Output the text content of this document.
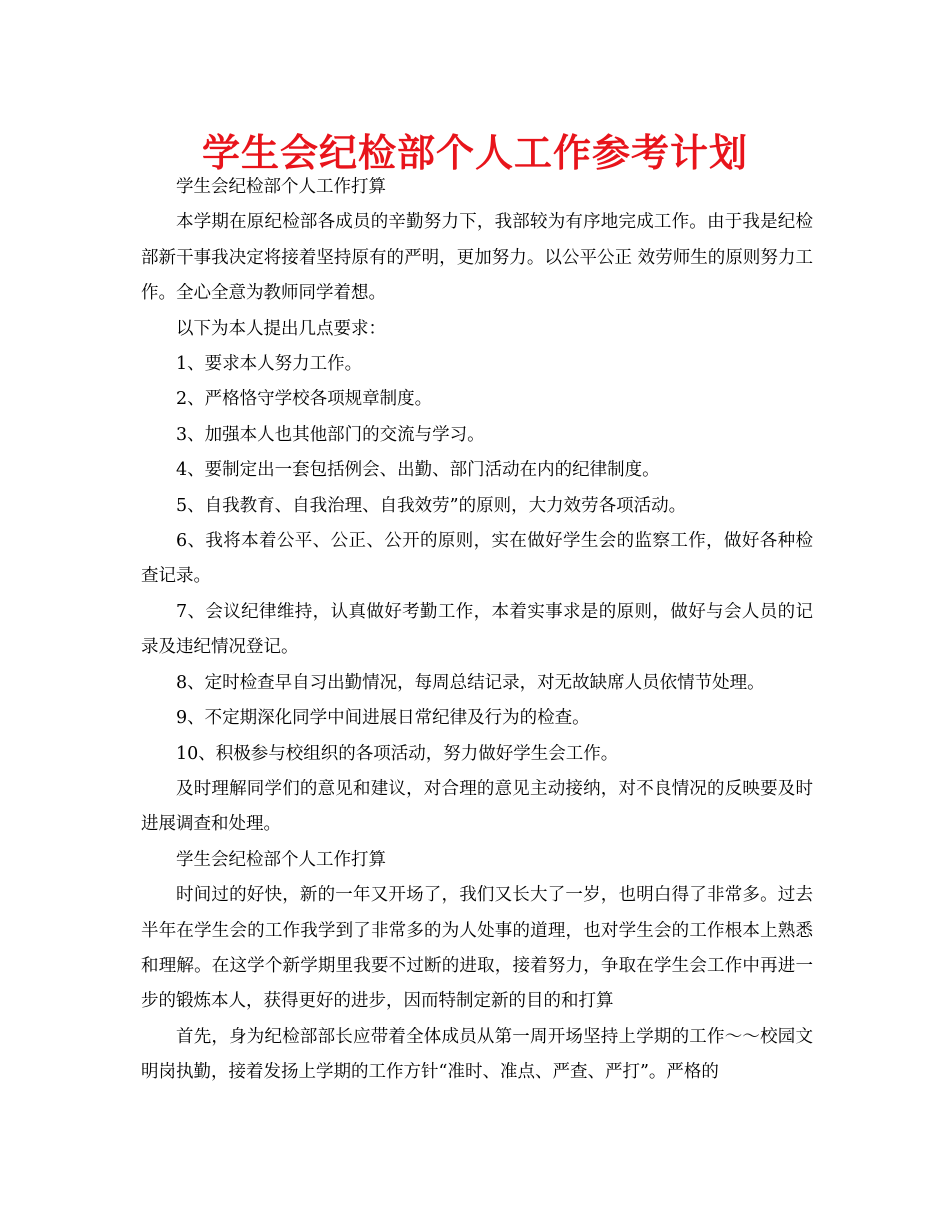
学生会纪检部个人工作参考计划

学生会纪检部个人工作打算

本学期在原纪检部各成员的辛勤努力下，我部较为有序地完成工作。由于我是纪检部新干事我决定将接着坚持原有的严明，更加努力。以公平公正 效劳师生的原则努力工作。全心全意为教师同学着想。

以下为本人提出几点要求：

1、要求本人努力工作。

2、严格恪守学校各项规章制度。

3、加强本人也其他部门的交流与学习。

4、要制定出一套包括例会、出勤、部门活动在内的纪律制度。

5、自我教育、自我治理、自我效劳”的原则，大力效劳各项活动。

6、我将本着公平、公正、公开的原则，实在做好学生会的监察工作，做好各种检查记录。

7、会议纪律维持，认真做好考勤工作，本着实事求是的原则，做好与会人员的记录及违纪情况登记。

8、定时检查早自习出勤情况，每周总结记录，对无故缺席人员依情节处理。

9、不定期深化同学中间进展日常纪律及行为的检查。

10、积极参与校组织的各项活动，努力做好学生会工作。

及时理解同学们的意见和建议，对合理的意见主动接纳，对不良情况的反映要及时进展调查和处理。

学生会纪检部个人工作打算

时间过的好快，新的一年又开场了，我们又长大了一岁，也明白得了非常多。过去半年在学生会的工作我学到了非常多的为人处事的道理，也对学生会的工作根本上熟悉和理解。在这学个新学期里我要不过断的进取，接着努力，争取在学生会工作中再进一步的锻炼本人，获得更好的进步，因而特制定新的目的和打算

首先，身为纪检部部长应带着全体成员从第一周开场坚持上学期的工作～～校园文明岗执勤，接着发扬上学期的工作方针“准时、准点、严查、严打”。严格的
